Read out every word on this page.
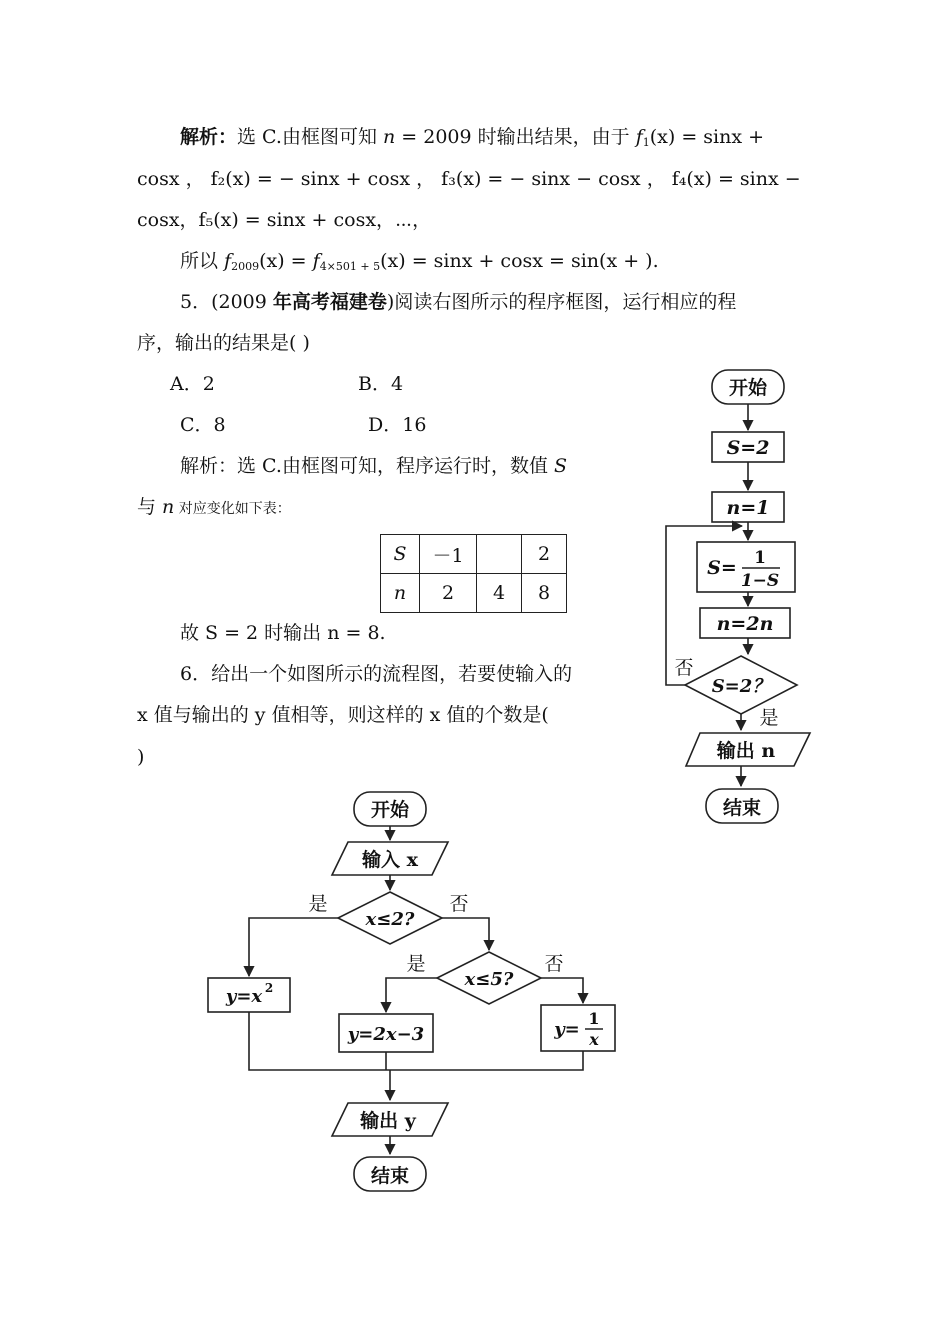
解析：选 C.由框图可知 n = 2009 时输出结果，由于 $f_1(x) = \sin x$ +
cosx ， f₂(x) = − sinx + cosx ， f₃(x) = − sinx − cosx ， f₄(x) = sinx −
cosx，f₅(x) = sinx + cosx，⋯，
所以 $f_{2009}(x) = f_{4\times 501 + 5}(x) = \sin x + \cos x = \sin(x$ + ).
5．(2009 年高考福建卷)阅读右图所示的程序框图，运行相应的程
序，输出的结果是( )
A．2	B．4
C．8	D．16
解析：选 C.由框图可知，程序运行时，数值 S
与 n 对应变化如下表：
S	－1		2
n	2	4	8
故 S = 2 时输出 n = 8.
6．给出一个如图所示的流程图，若要使输入的
x 值与输出的 y 值相等，则这样的 x 值的个数是(
)
开始
S=2
n=1
S= 1
1−S
n=2n
S=2？
否
是
输出 n
结束
开始
输入 x
x≤2?
是	否
x≤5?
是	否
y=x 2
y=2x−3	y=
1
x
输出 y
结束
